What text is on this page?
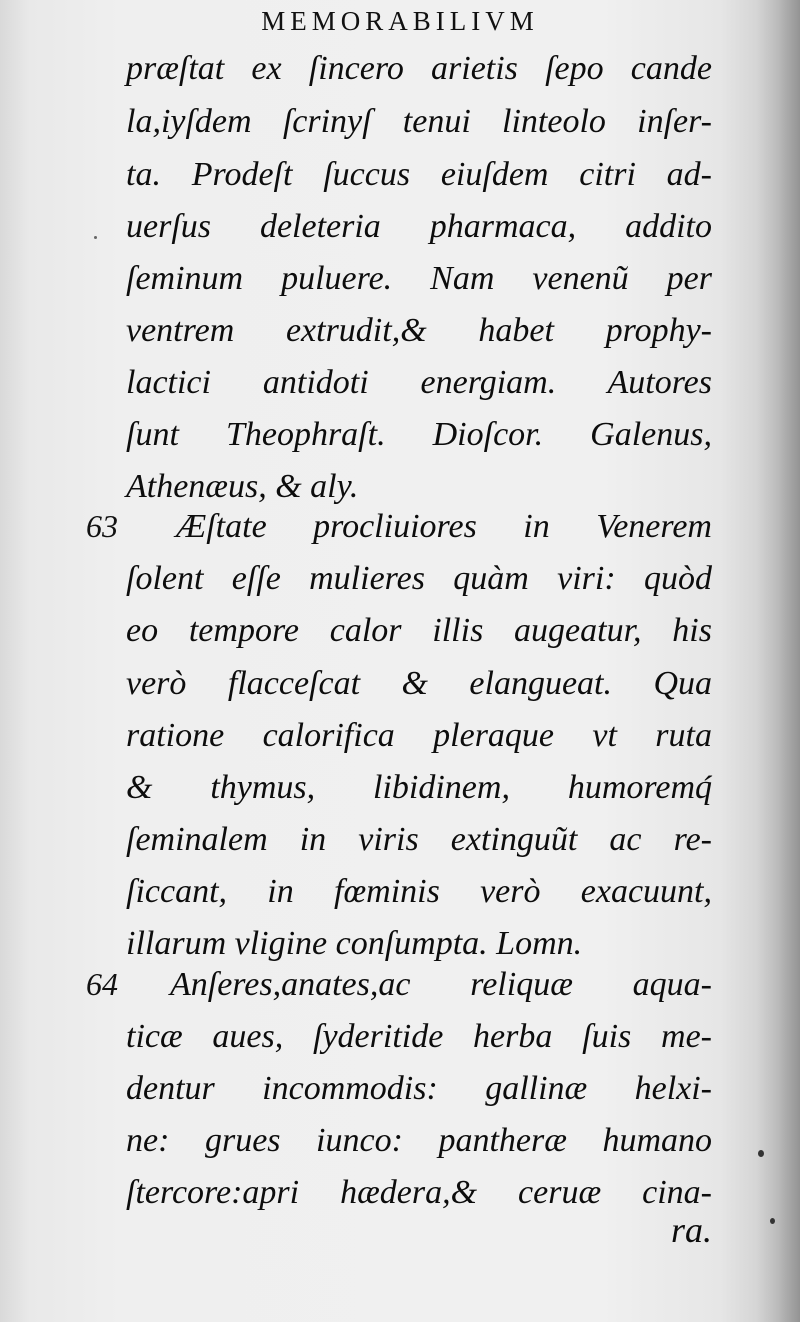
MEMORABILIVM
præſtat ex ſincero arietis ſepo cande
la,iyſdem ſcrinyſ tenui linteolo inſer-
ta. Prodeſt ſuccus eiuſdem citri ad-
uerſus deleteria pharmaca, addito
ſeminum puluere. Nam venenũ per
ventrem extrudit,& habet prophy-
lactici antidoti energiam. Autores
ſunt Theophraſt. Dioſcor. Galenus,
Athenæus, & aly.
63 Æſtate procliuiores in Venerem
ſolent eſſe mulieres quàm viri: quòd
eo tempore calor illis augeatur, his
verò flacceſcat & elangueat. Qua
ratione calorifica pleraque vt ruta
& thymus, libidinem, humoremq́
ſeminalem in viris extinguũt ac re-
ſiccant, in fœminis verò exacuunt,
illarum vligine conſumpta. Lomn.
64 Anſeres,anates,ac reliquæ aqua-
ticæ aues, ſyderitide herba ſuis me-
dentur incommodis: gallinæ helxi-
ne: grues iunco: pantheræ humano
ſtercore:apri hædera,& ceruæ cina-
ra.
